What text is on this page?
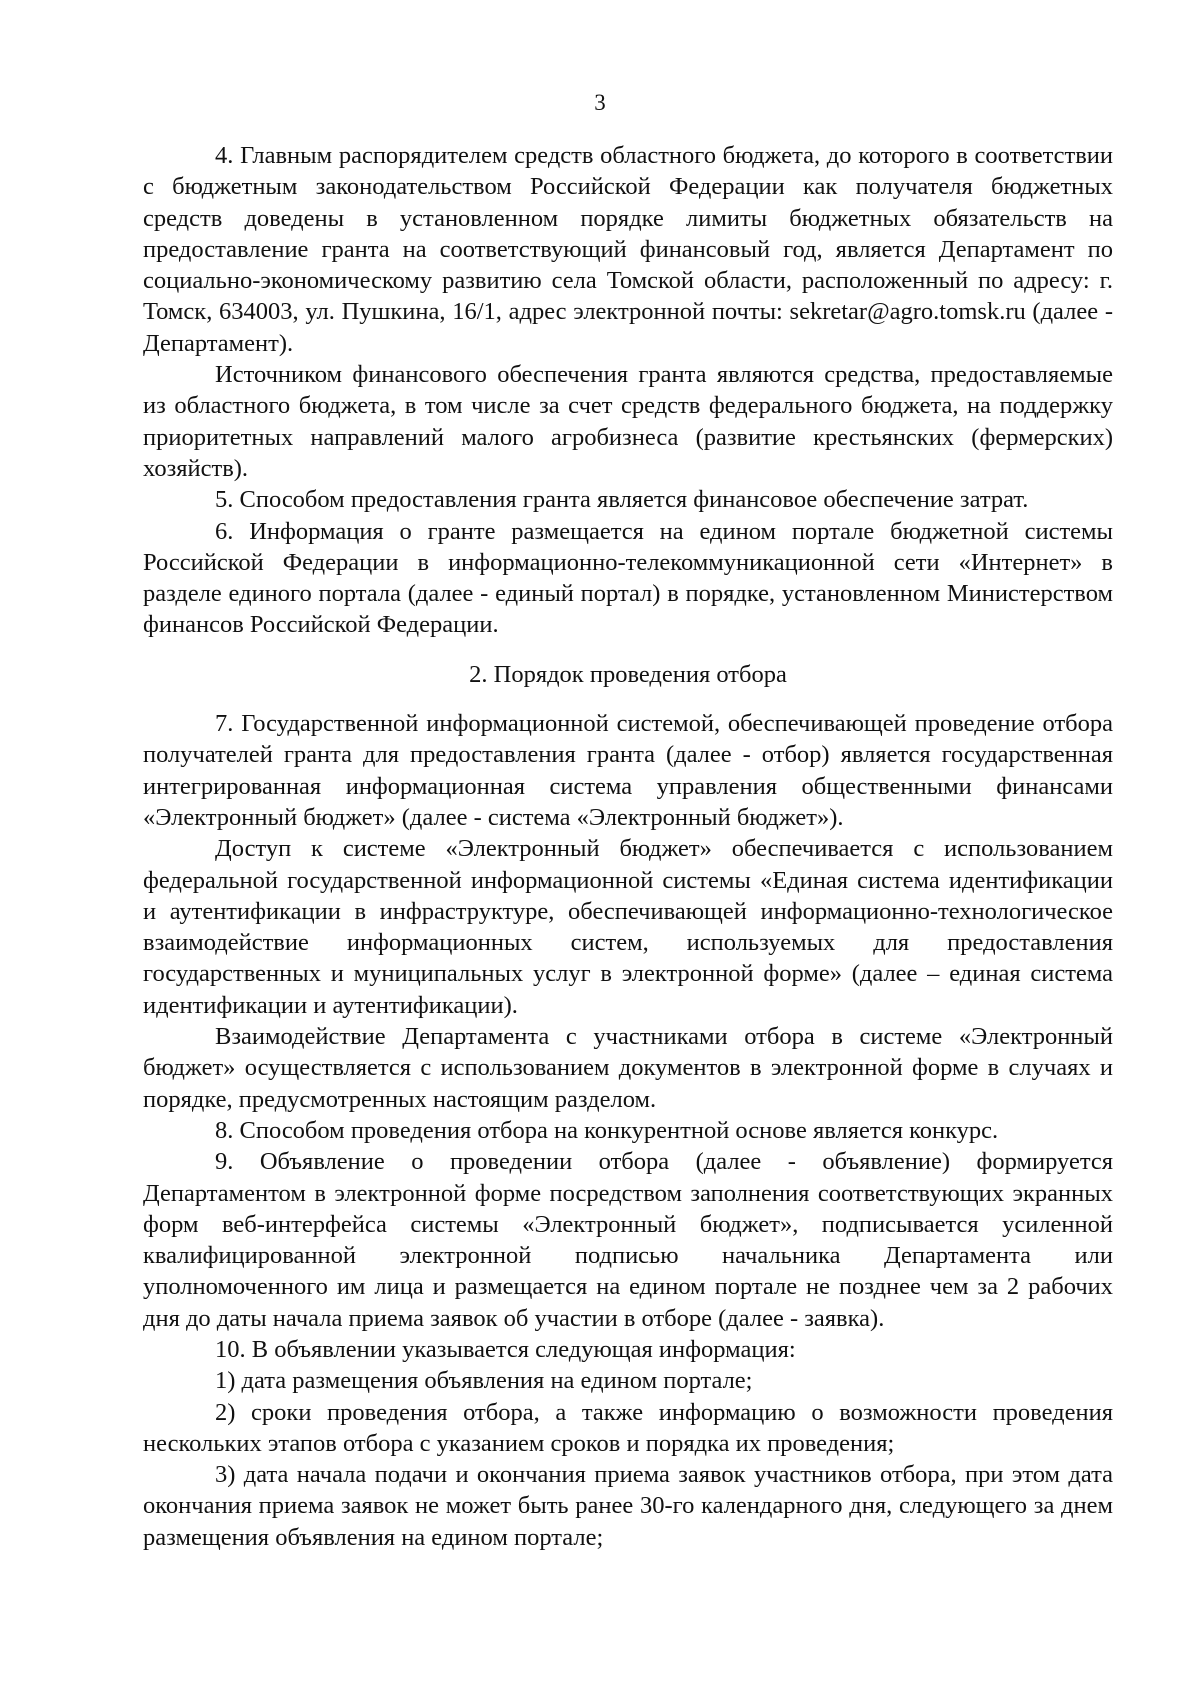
3

4. Главным распорядителем средств областного бюджета, до которого в соответствии с бюджетным законодательством Российской Федерации как получателя бюджетных средств доведены в установленном порядке лимиты бюджетных обязательств на предоставление гранта на соответствующий финансовый год, является Департамент по социально-экономическому развитию села Томской области, расположенный по адресу: г. Томск, 634003, ул. Пушкина, 16/1, адрес электронной почты: sekretar@agro.tomsk.ru (далее - Департамент).

Источником финансового обеспечения гранта являются средства, предоставляемые из областного бюджета, в том числе за счет средств федерального бюджета, на поддержку приоритетных направлений малого агробизнеса (развитие крестьянских (фермерских) хозяйств).

5. Способом предоставления гранта является финансовое обеспечение затрат.

6. Информация о гранте размещается на едином портале бюджетной системы Российской Федерации в информационно-телекоммуникационной сети «Интернет» в разделе единого портала (далее - единый портал) в порядке, установленном Министерством финансов Российской Федерации.

2. Порядок проведения отбора

7. Государственной информационной системой, обеспечивающей проведение отбора получателей гранта для предоставления гранта (далее - отбор) является государственная интегрированная информационная система управления общественными финансами «Электронный бюджет» (далее - система «Электронный бюджет»).

Доступ к системе «Электронный бюджет» обеспечивается с использованием федеральной государственной информационной системы «Единая система идентификации и аутентификации в инфраструктуре, обеспечивающей информационно-технологическое взаимодействие информационных систем, используемых для предоставления государственных и муниципальных услуг в электронной форме» (далее – единая система идентификации и аутентификации).

Взаимодействие Департамента с участниками отбора в системе «Электронный бюджет» осуществляется с использованием документов в электронной форме в случаях и порядке, предусмотренных настоящим разделом.

8. Способом проведения отбора на конкурентной основе является конкурс.

9. Объявление о проведении отбора (далее - объявление) формируется Департаментом в электронной форме посредством заполнения соответствующих экранных форм веб-интерфейса системы «Электронный бюджет», подписывается усиленной квалифицированной электронной подписью начальника Департамента или уполномоченного им лица и размещается на едином портале не позднее чем за 2 рабочих дня до даты начала приема заявок об участии в отборе (далее - заявка).

10. В объявлении указывается следующая информация:

1) дата размещения объявления на едином портале;

2) сроки проведения отбора, а также информацию о возможности проведения нескольких этапов отбора с указанием сроков и порядка их проведения;

3) дата начала подачи и окончания приема заявок участников отбора, при этом дата окончания приема заявок не может быть ранее 30-го календарного дня, следующего за днем размещения объявления на едином портале;
